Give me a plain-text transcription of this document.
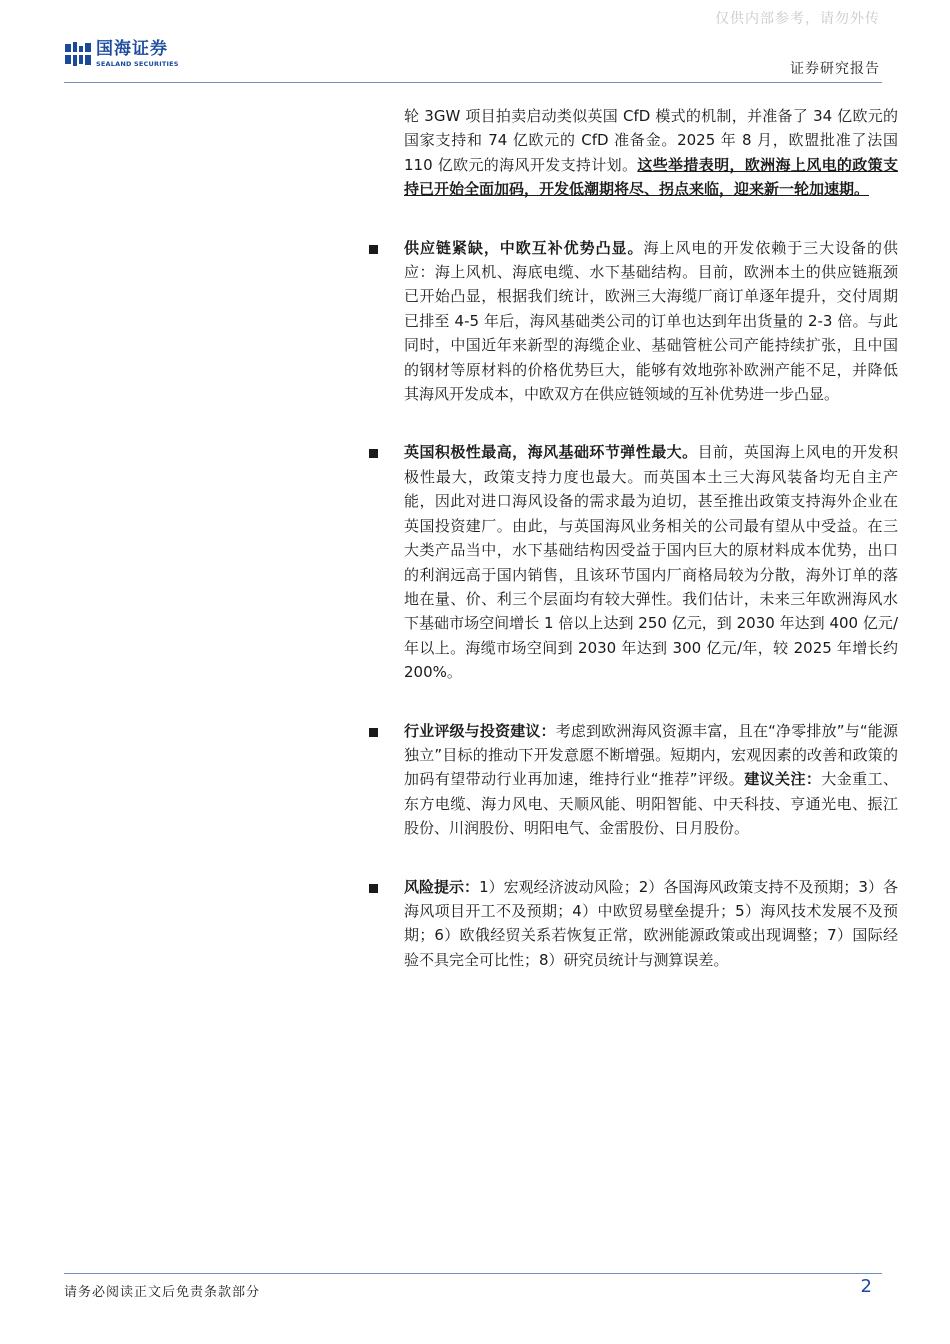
仅供内部参考，请勿外传
国海证券
SEALAND SECURITIES	证券研究报告

轮 3GW 项目拍卖启动类似英国 CfD 模式的机制，并准备了 34 亿欧元的国家支持和 74 亿欧元的 CfD 准备金。2025 年 8 月，欧盟批准了法国 110 亿欧元的海风开发支持计划。这些举措表明，欧洲海上风电的政策支持已开始全面加码，开发低潮期将尽、拐点来临，迎来新一轮加速期。

供应链紧缺，中欧互补优势凸显。海上风电的开发依赖于三大设备的供应：海上风机、海底电缆、水下基础结构。目前，欧洲本土的供应链瓶颈已开始凸显，根据我们统计，欧洲三大海缆厂商订单逐年提升，交付周期已排至 4-5 年后，海风基础类公司的订单也达到年出货量的 2-3 倍。与此同时，中国近年来新型的海缆企业、基础管桩公司产能持续扩张，且中国的钢材等原材料的价格优势巨大，能够有效地弥补欧洲产能不足，并降低其海风开发成本，中欧双方在供应链领域的互补优势进一步凸显。

英国积极性最高，海风基础环节弹性最大。目前，英国海上风电的开发积极性最大，政策支持力度也最大。而英国本土三大海风装备均无自主产能，因此对进口海风设备的需求最为迫切，甚至推出政策支持海外企业在英国投资建厂。由此，与英国海风业务相关的公司最有望从中受益。在三大类产品当中，水下基础结构因受益于国内巨大的原材料成本优势，出口的利润远高于国内销售，且该环节国内厂商格局较为分散，海外订单的落地在量、价、利三个层面均有较大弹性。我们估计，未来三年欧洲海风水下基础市场空间增长 1 倍以上达到 250 亿元，到 2030 年达到 400 亿元/年以上。海缆市场空间到 2030 年达到 300 亿元/年，较 2025 年增长约 200%。

行业评级与投资建议：考虑到欧洲海风资源丰富，且在“净零排放”与“能源独立”目标的推动下开发意愿不断增强。短期内，宏观因素的改善和政策的加码有望带动行业再加速，维持行业“推荐”评级。建议关注：大金重工、东方电缆、海力风电、天顺风能、明阳智能、中天科技、亨通光电、振江股份、川润股份、明阳电气、金雷股份、日月股份。

风险提示：1）宏观经济波动风险；2）各国海风政策支持不及预期；3）各海风项目开工不及预期；4）中欧贸易壁垒提升；5）海风技术发展不及预期；6）欧俄经贸关系若恢复正常，欧洲能源政策或出现调整；7）国际经验不具完全可比性；8）研究员统计与测算误差。

请务必阅读正文后免责条款部分	2
